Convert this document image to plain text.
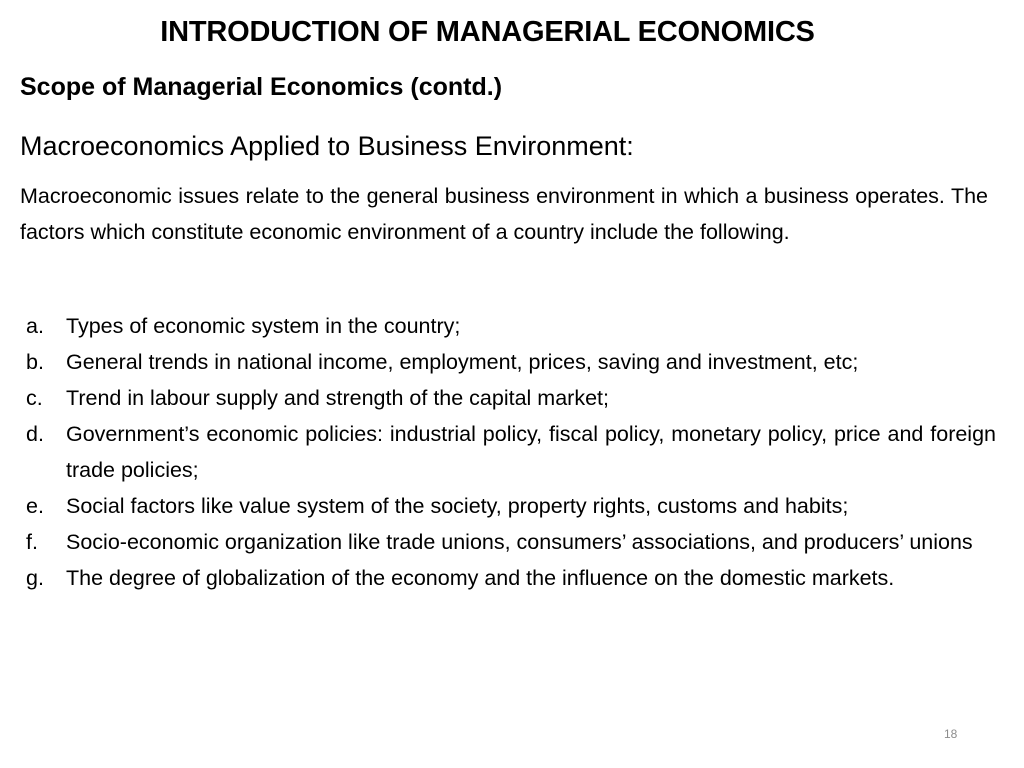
INTRODUCTION OF MANAGERIAL ECONOMICS
Scope of Managerial Economics (contd.)
Macroeconomics Applied to Business Environment:

Macroeconomic issues relate to the general business environment in which a business operates. The factors which constitute economic environment of a country include the following.

a.	Types of economic system in the country;
b.	General trends in national income, employment, prices, saving and investment, etc;
c.	Trend in labour supply and strength of the capital market;
d.	Government’s economic policies: industrial policy, fiscal policy, monetary policy, price and foreign trade policies;
e.	Social factors like value system of the society, property rights, customs and habits;
f.	Socio-economic organization like trade unions, consumers’ associations, and producers’ unions
g.	The degree of globalization of the economy and the influence on the domestic markets.
18
